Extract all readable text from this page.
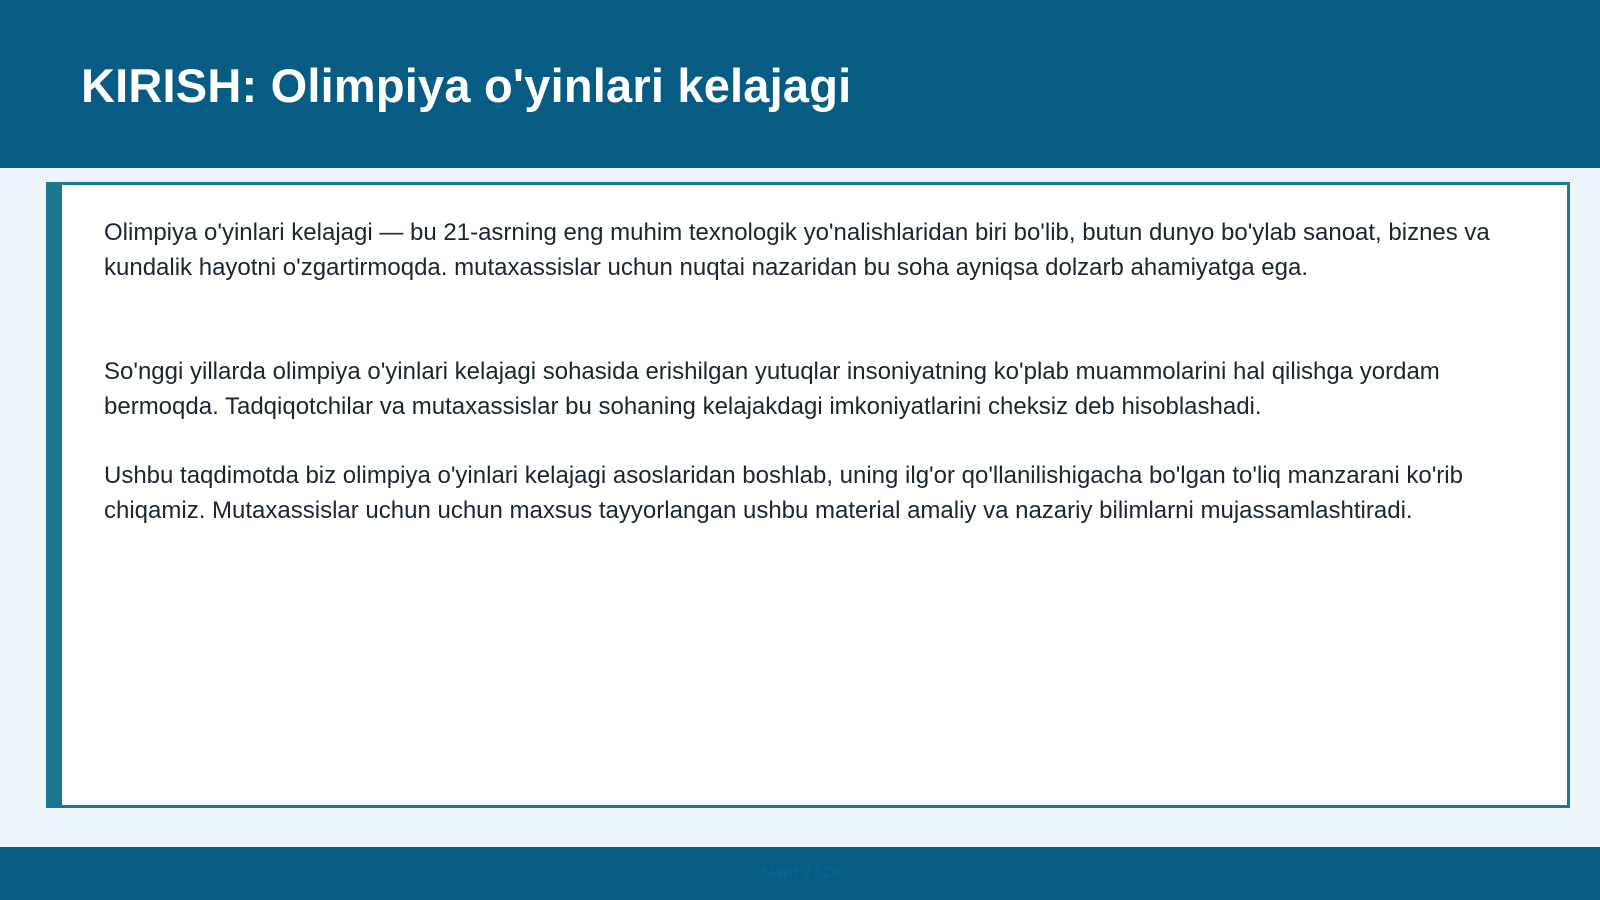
KIRISH: Olimpiya o'yinlari kelajagi

Olimpiya o'yinlari kelajagi — bu 21-asrning eng muhim texnologik yo'nalishlaridan biri bo'lib, butun dunyo bo'ylab sanoat, biznes va kundalik hayotni o'zgartirmoqda. mutaxassislar uchun nuqtai nazaridan bu soha ayniqsa dolzarb ahamiyatga ega.

So'nggi yillarda olimpiya o'yinlari kelajagi sohasida erishilgan yutuqlar insoniyatning ko'plab muammolarini hal qilishga yordam bermoqda. Tadqiqotchilar va mutaxassislar bu sohaning kelajakdagi imkoniyatlarini cheksiz deb hisoblashadi.

Ushbu taqdimotda biz olimpiya o'yinlari kelajagi asoslaridan boshlab, uning ilg'or qo'llanilishigacha bo'lgan to'liq manzarani ko'rib chiqamiz. Mutaxassislar uchun uchun maxsus tayyorlangan ushbu material amaliy va nazariy bilimlarni mujassamlashtiradi.

Slayd 2 / 20
